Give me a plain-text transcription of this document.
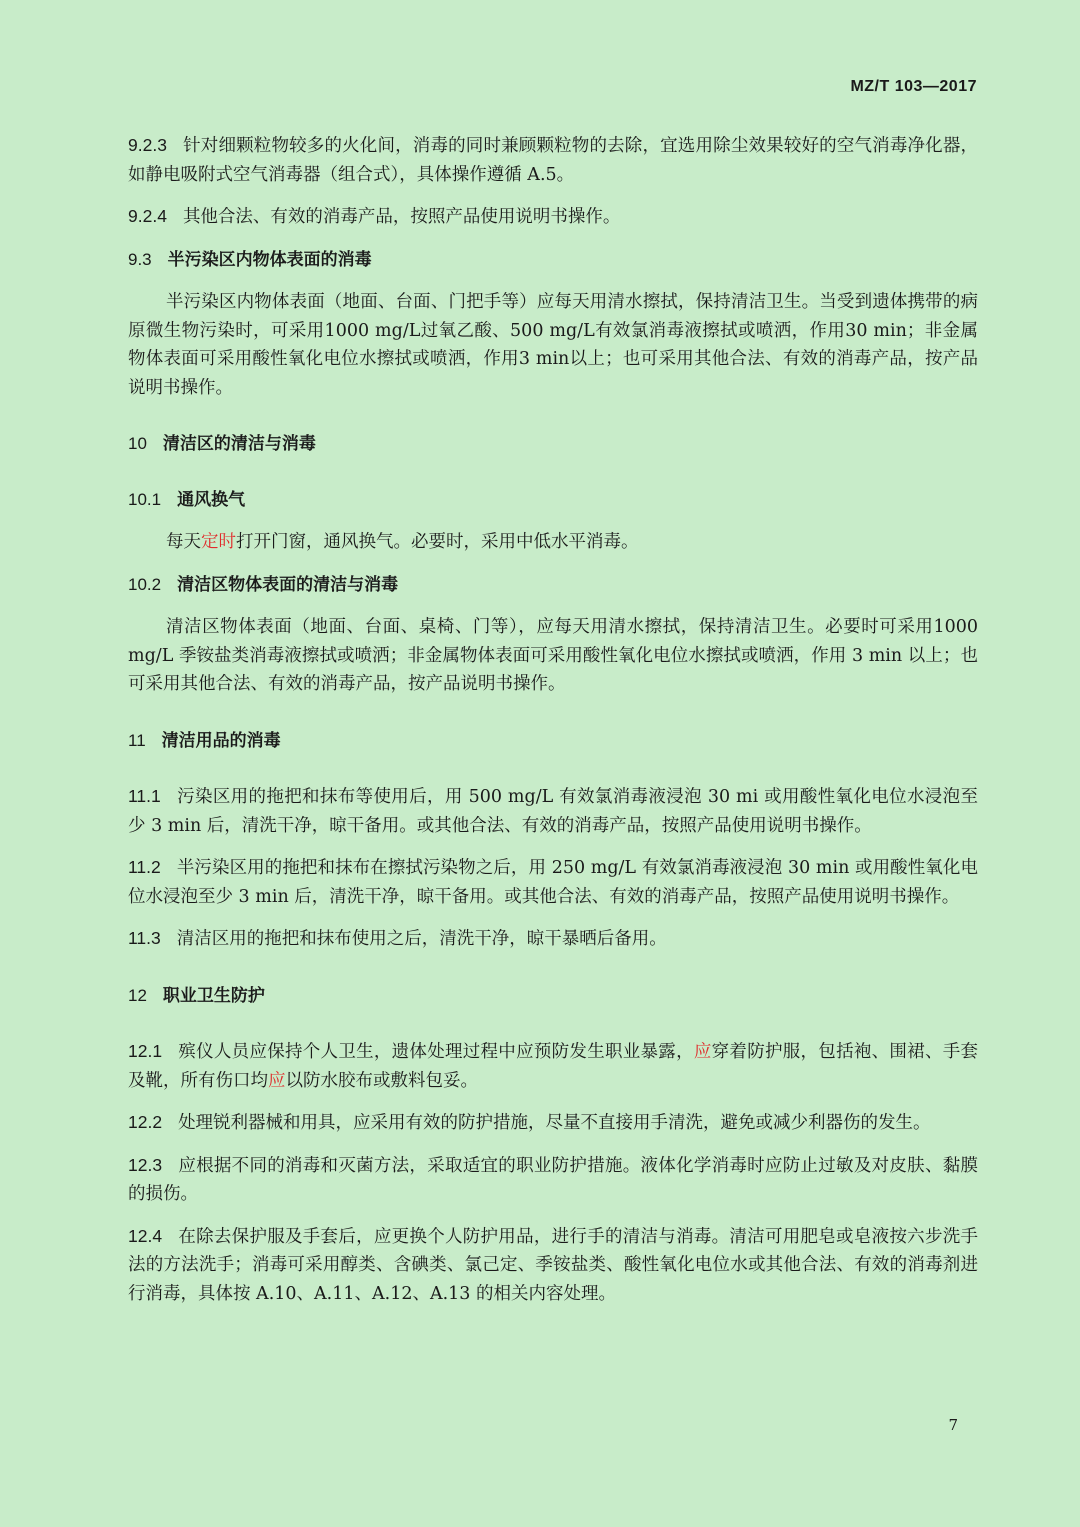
MZ/T 103—2017

9.2.3 针对细颗粒物较多的火化间，消毒的同时兼顾颗粒物的去除，宜选用除尘效果较好的空气消毒净化器，如静电吸附式空气消毒器（组合式），具体操作遵循 A.5。

9.2.4 其他合法、有效的消毒产品，按照产品使用说明书操作。

9.3 半污染区内物体表面的消毒

半污染区内物体表面（地面、台面、门把手等）应每天用清水擦拭，保持清洁卫生。当受到遗体携带的病原微生物污染时，可采用1000 mg/L过氧乙酸、500 mg/L有效氯消毒液擦拭或喷洒，作用30 min；非金属物体表面可采用酸性氧化电位水擦拭或喷洒，作用3 min以上；也可采用其他合法、有效的消毒产品，按产品说明书操作。

10 清洁区的清洁与消毒

10.1 通风换气

每天定时打开门窗，通风换气。必要时，采用中低水平消毒。

10.2 清洁区物体表面的清洁与消毒

清洁区物体表面（地面、台面、桌椅、门等），应每天用清水擦拭，保持清洁卫生。必要时可采用1000 mg/L 季铵盐类消毒液擦拭或喷洒；非金属物体表面可采用酸性氧化电位水擦拭或喷洒，作用 3 min 以上；也可采用其他合法、有效的消毒产品，按产品说明书操作。

11 清洁用品的消毒

11.1 污染区用的拖把和抹布等使用后，用 500 mg/L 有效氯消毒液浸泡 30 mi 或用酸性氧化电位水浸泡至少 3 min 后，清洗干净，晾干备用。或其他合法、有效的消毒产品，按照产品使用说明书操作。

11.2 半污染区用的拖把和抹布在擦拭污染物之后，用 250 mg/L 有效氯消毒液浸泡 30 min 或用酸性氧化电位水浸泡至少 3 min 后，清洗干净，晾干备用。或其他合法、有效的消毒产品，按照产品使用说明书操作。

11.3 清洁区用的拖把和抹布使用之后，清洗干净，晾干暴晒后备用。

12 职业卫生防护

12.1 殡仪人员应保持个人卫生，遗体处理过程中应预防发生职业暴露，应穿着防护服，包括袍、围裙、手套及靴，所有伤口均应以防水胶布或敷料包妥。

12.2 处理锐利器械和用具，应采用有效的防护措施，尽量不直接用手清洗，避免或减少利器伤的发生。

12.3 应根据不同的消毒和灭菌方法，采取适宜的职业防护措施。液体化学消毒时应防止过敏及对皮肤、黏膜的损伤。

12.4 在除去保护服及手套后，应更换个人防护用品，进行手的清洁与消毒。清洁可用肥皂或皂液按六步洗手法的方法洗手；消毒可采用醇类、含碘类、氯己定、季铵盐类、酸性氧化电位水或其他合法、有效的消毒剂进行消毒，具体按 A.10、A.11、A.12、A.13 的相关内容处理。

7
